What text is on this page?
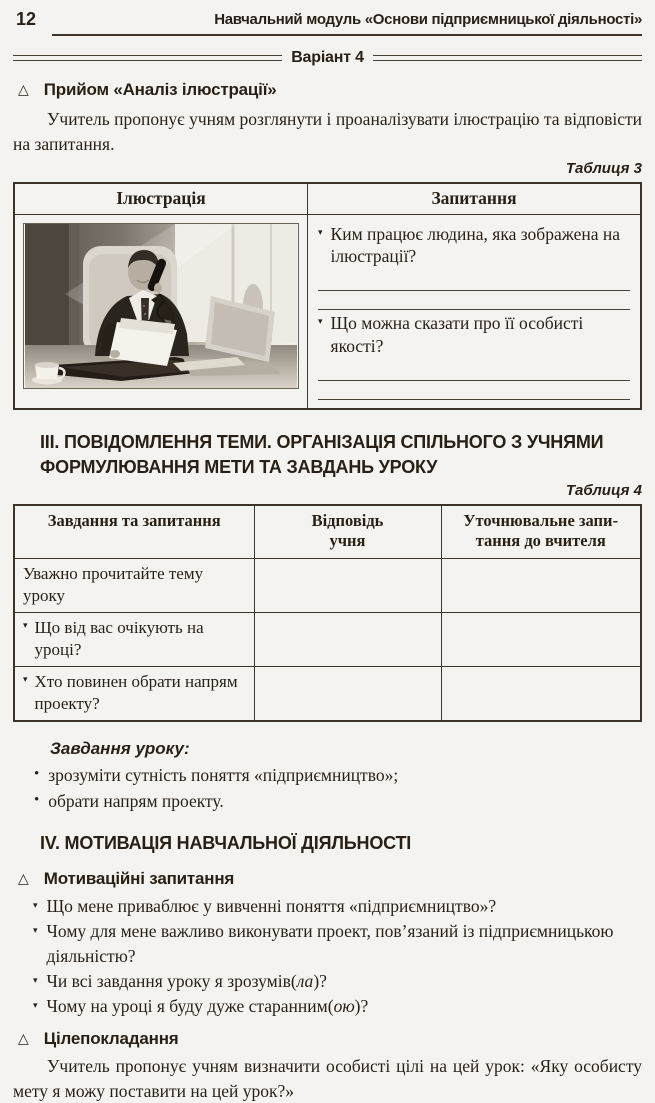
12	Навчальний модуль «Основи підприємницької діяльності»
Варіант 4
△ Прийом «Аналіз ілюстрації»

Учитель пропонує учням розглянути і проаналізувати ілюстрацію та відповісти на запитання.

Таблиця 3
Ілюстрація	Запитання

▾ Ким працює людина, яка зображена на ілюстрації?
▾ Що можна сказати про її особисті якості?
ІІІ. ПОВІДОМЛЕННЯ ТЕМИ. ОРГАНІЗАЦІЯ СПІЛЬНОГО З УЧНЯМИ ФОРМУЛЮВАННЯ МЕТИ ТА ЗАВДАНЬ УРОКУ
Таблиця 4
Завдання та запитання	Відповідь учня	Уточнювальне запитання до вчителя

Уважно прочитайте тему уроку		

▾ Що від вас очікують на уроці?		

▾ Хто повинен обрати напрям проекту?		

Завдання уроку:
• зрозуміти сутність поняття «підприємництво»;
• обрати напрям проекту.
IV. МОТИВАЦІЯ НАВЧАЛЬНОЇ ДІЯЛЬНОСТІ
△ Мотиваційні запитання
▾ Що мене приваблює у вивченні поняття «підприємництво»?
▾ Чому для мене важливо виконувати проект, пов’язаний із підприємницькою діяльністю?
▾ Чи всі завдання уроку я зрозумів(ла)?
▾ Чому на уроці я буду дуже старанним(ою)?
△ Цілепокладання

Учитель пропонує учням визначити особисті цілі на цей урок: «Яку особисту мету я можу поставити на цей урок?»
